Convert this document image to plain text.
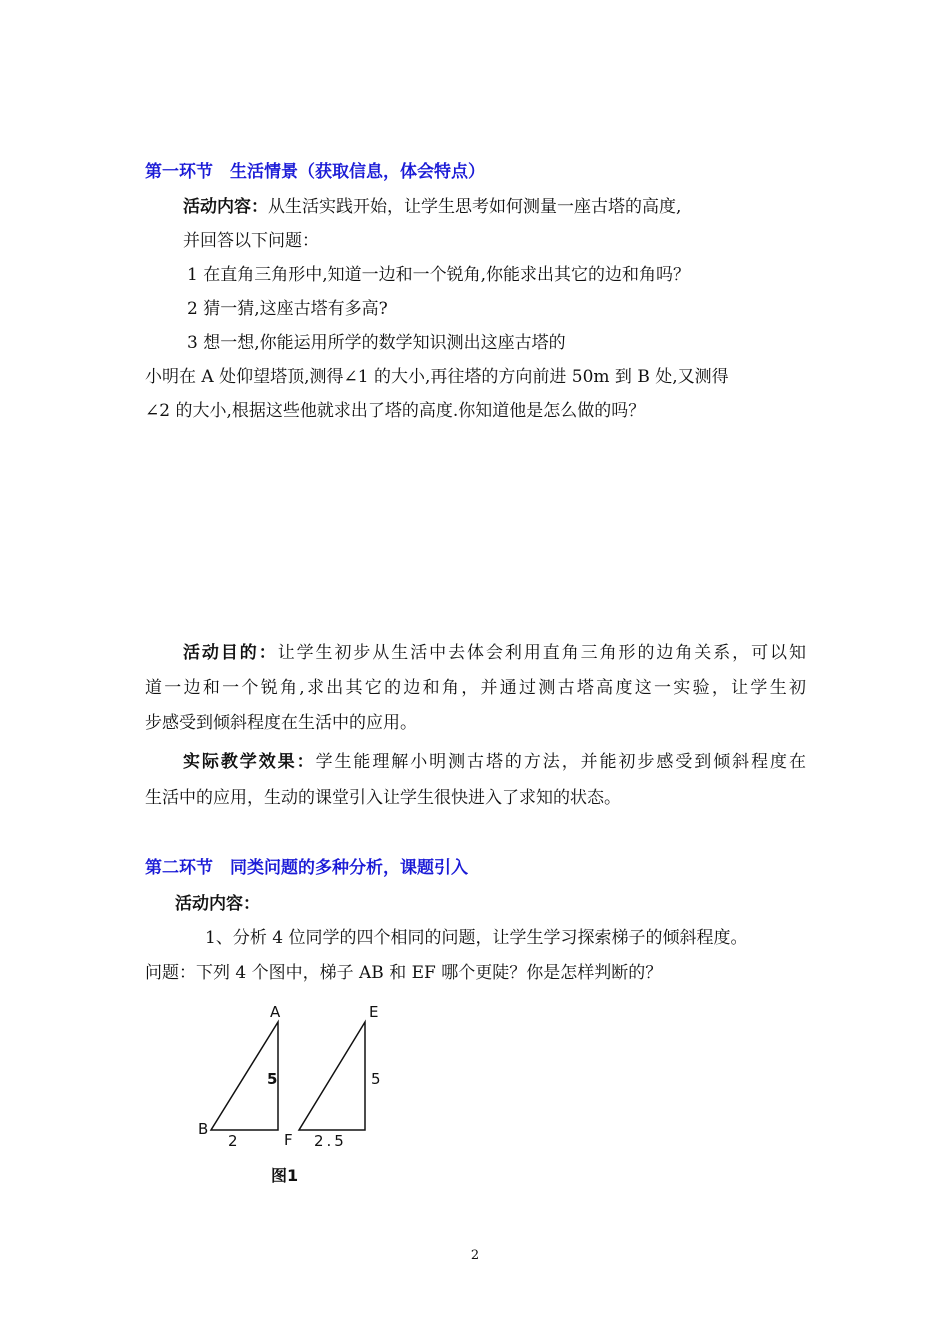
第一环节　生活情景（获取信息，体会特点）
活动内容：从生活实践开始，让学生思考如何测量一座古塔的高度,
并回答以下问题：
1 在直角三角形中,知道一边和一个锐角,你能求出其它的边和角吗？
2 猜一猜,这座古塔有多高?
3 想一想,你能运用所学的数学知识测出这座古塔的
小明在 A 处仰望塔顶,测得∠1 的大小,再往塔的方向前进 50m 到 B 处,又测得
∠2 的大小,根据这些他就求出了塔的高度.你知道他是怎么做的吗？
活动目的：让学生初步从生活中去体会利用直角三角形的边角关系，可以知
道一边和一个锐角,求出其它的边和角，并通过测古塔高度这一实验，让学生初
步感受到倾斜程度在生活中的应用。
实际教学效果：学生能理解小明测古塔的方法，并能初步感受到倾斜程度在
生活中的应用，生动的课堂引入让学生很快进入了求知的状态。
第二环节　同类问题的多种分析，课题引入
活动内容：
1、分析 4 位同学的四个相同的问题，让学生学习探索梯子的倾斜程度。
问题：下列 4 个图中，梯子 AB 和 EF 哪个更陡？你是怎样判断的？
A
B
E
F
5
2
5
2.5
图1
2
